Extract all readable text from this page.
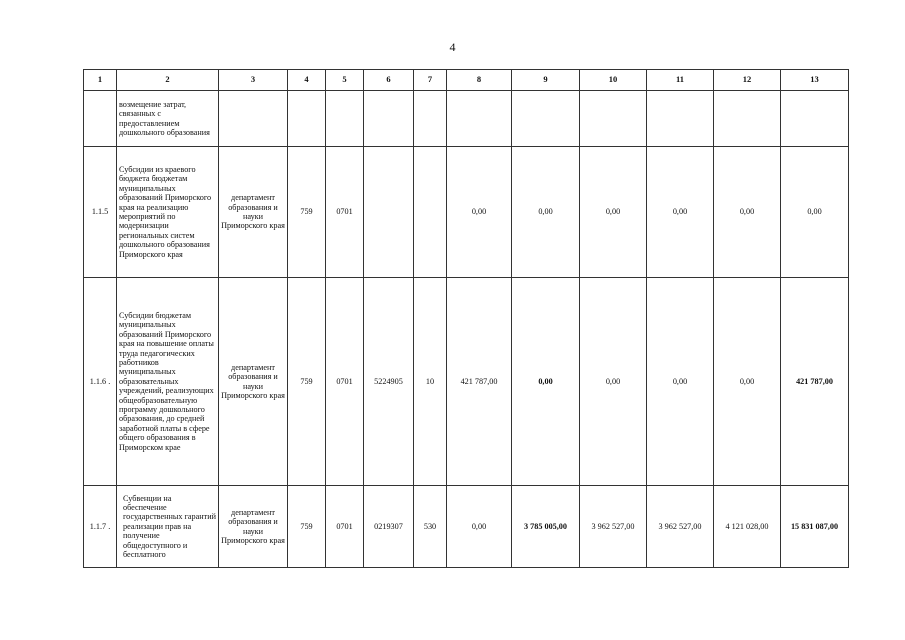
4
1	2	3	4	5	6	7	8	9	10	11	12	13
	возмещение затрат, связанных с предоставлением дошкольного образования											
1.1.5	Субсидии из краевого бюджета бюджетам муниципальных образований Приморского края на реализацию мероприятий по модернизации региональных систем дошкольного образования Приморского края	департамент образования и науки Приморского края	759	0701			0,00	0,00	0,00	0,00	0,00	0,00
1.1.6 .	Субсидии бюджетам муниципальных образований Приморского края на повышение оплаты труда педагогических работников муниципальных образовательных учреждений, реализующих общеобразовательную программу дошкольного образования, до средней заработной платы в сфере общего образования в Приморском крае	департамент образования и науки Приморского края	759	0701	5224905	10	421 787,00	0,00	0,00	0,00	0,00	421 787,00
1.1.7 .	Субвенции на обеспечение государственных гарантий реализации прав на получение общедоступного и бесплатного	департамент образования и науки Приморского края	759	0701	0219307	530	0,00	3 785 005,00	3 962 527,00	3 962 527,00	4 121 028,00	15 831 087,00
